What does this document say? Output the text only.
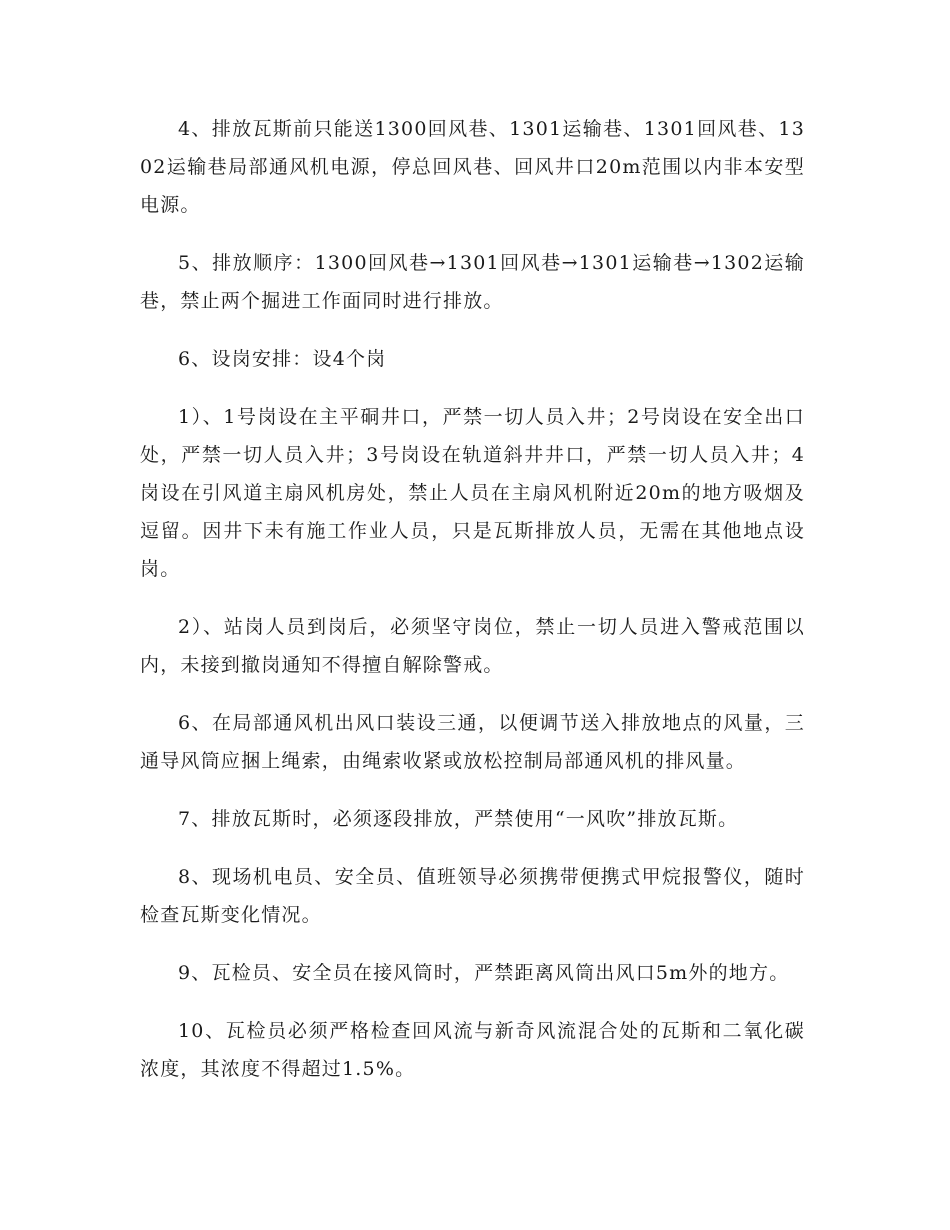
4、排放瓦斯前只能送1300回风巷、1301运输巷、1301回风巷、1302运输巷局部通风机电源，停总回风巷、回风井口20m范围以内非本安型电源。

5、排放顺序：1300回风巷→1301回风巷→1301运输巷→1302运输巷，禁止两个掘进工作面同时进行排放。

6、设岗安排：设4个岗

1）、1号岗设在主平硐井口，严禁一切人员入井；2号岗设在安全出口处，严禁一切人员入井；3号岗设在轨道斜井井口，严禁一切人员入井；4岗设在引风道主扇风机房处，禁止人员在主扇风机附近20m的地方吸烟及逗留。因井下未有施工作业人员，只是瓦斯排放人员，无需在其他地点设岗。

2）、站岗人员到岗后，必须坚守岗位，禁止一切人员进入警戒范围以内，未接到撤岗通知不得擅自解除警戒。

6、在局部通风机出风口装设三通，以便调节送入排放地点的风量，三通导风筒应捆上绳索，由绳索收紧或放松控制局部通风机的排风量。

7、排放瓦斯时，必须逐段排放，严禁使用“一风吹”排放瓦斯。

8、现场机电员、安全员、值班领导必须携带便携式甲烷报警仪，随时检查瓦斯变化情况。

9、瓦检员、安全员在接风筒时，严禁距离风筒出风口5m外的地方。

10、瓦检员必须严格检查回风流与新奇风流混合处的瓦斯和二氧化碳浓度，其浓度不得超过1.5%。
